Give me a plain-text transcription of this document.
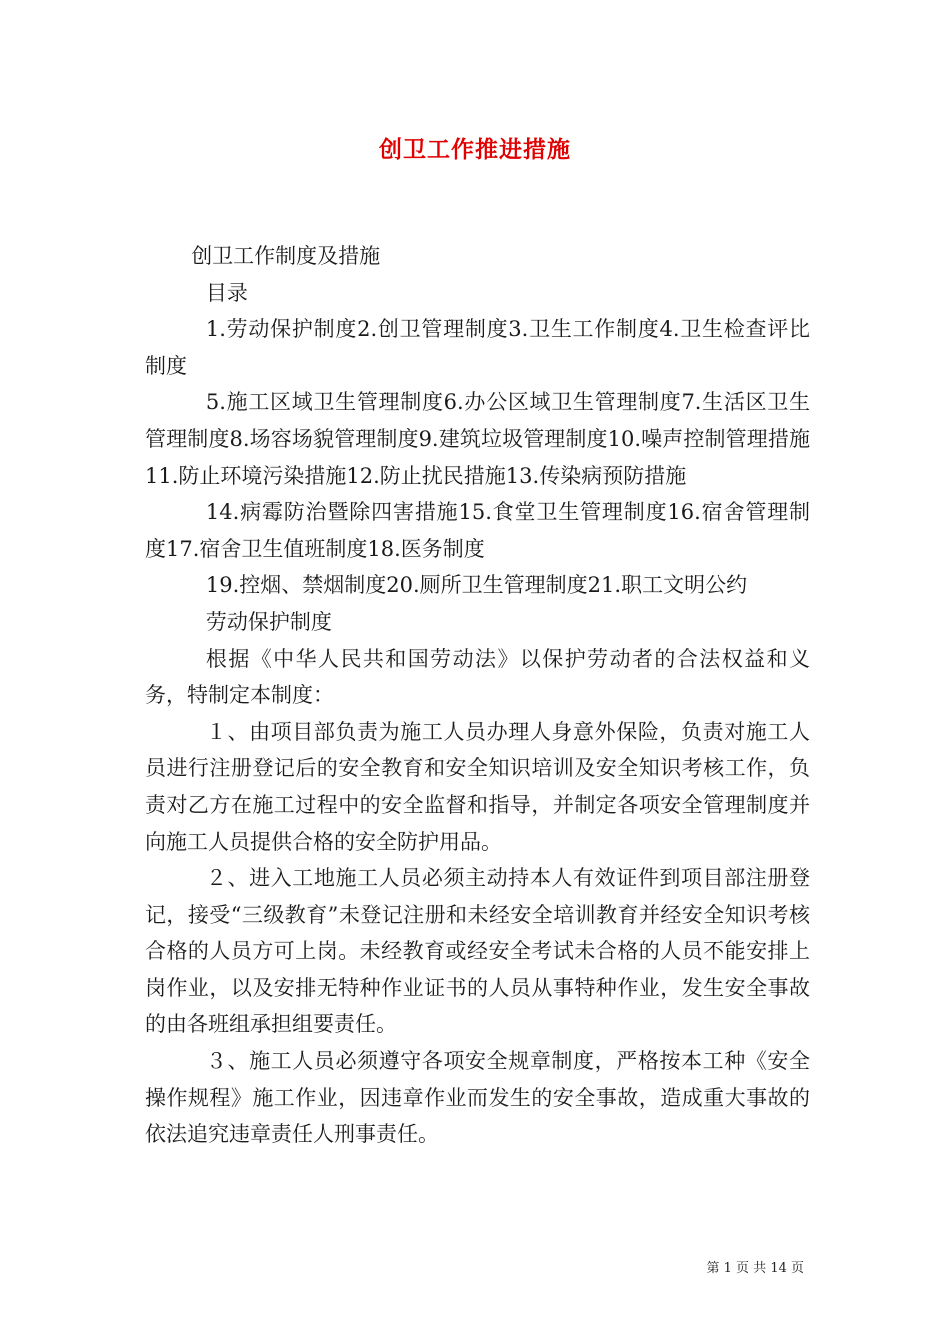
创卫工作推进措施

创卫工作制度及措施

目录

1.劳动保护制度2.创卫管理制度3.卫生工作制度4.卫生检查评比制度

5.施工区域卫生管理制度6.办公区域卫生管理制度7.生活区卫生管理制度8.场容场貌管理制度9.建筑垃圾管理制度10.噪声控制管理措施11.防止环境污染措施12.防止扰民措施13.传染病预防措施

14.病霉防治暨除四害措施15.食堂卫生管理制度16.宿舍管理制度17.宿舍卫生值班制度18.医务制度

19.控烟、禁烟制度20.厕所卫生管理制度21.职工文明公约

劳动保护制度

根据《中华人民共和国劳动法》以保护劳动者的合法权益和义务，特制定本制度：

１、由项目部负责为施工人员办理人身意外保险，负责对施工人员进行注册登记后的安全教育和安全知识培训及安全知识考核工作，负责对乙方在施工过程中的安全监督和指导，并制定各项安全管理制度并向施工人员提供合格的安全防护用品。

２、进入工地施工人员必须主动持本人有效证件到项目部注册登记，接受“三级教育”未登记注册和未经安全培训教育并经安全知识考核合格的人员方可上岗。未经教育或经安全考试未合格的人员不能安排上岗作业，以及安排无特种作业证书的人员从事特种作业，发生安全事故的由各班组承担组要责任。

３、施工人员必须遵守各项安全规章制度，严格按本工种《安全操作规程》施工作业，因违章作业而发生的安全事故，造成重大事故的依法追究违章责任人刑事责任。

第 1 页 共 14 页
